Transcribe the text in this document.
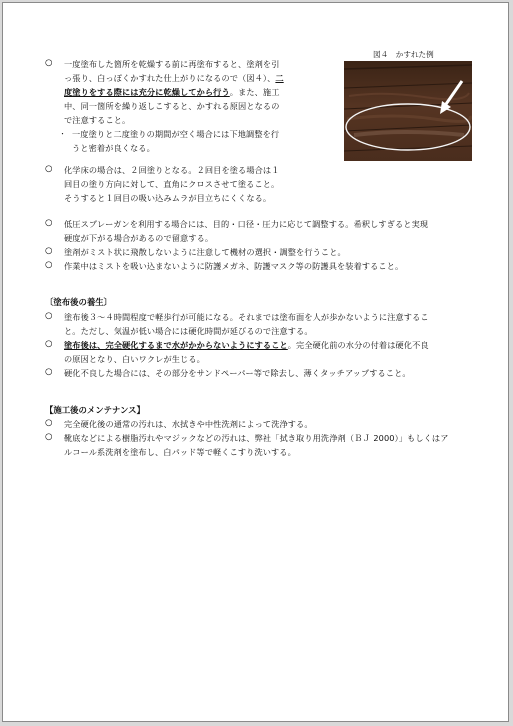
○ 一度塗布した箇所を乾燥する前に再塗布すると、塗剤を引
っ張り、白っぽくかすれた仕上がりになるので（図４）、二
度塗りをする際には充分に乾燥してから行う。また、施工
中、同一箇所を繰り返しこすると、かすれる原因となるの
で注意すること。
・ 一度塗りと二度塗りの期間が空く場合には下地調整を行
うと密着が良くなる。
図４　かすれた例
○ 化学床の場合は、２回塗りとなる。２回目を塗る場合は１
回目の塗り方向に対して、直角にクロスさせて塗ること。
そうすると１回目の吸い込みムラが目立ちにくくなる。
○ 低圧スプレーガンを利用する場合には、目的・口径・圧力に応じて調整する。希釈しすぎると実現
硬度が下がる場合があるので留意する。
○ 塗剤がミスト状に飛散しないように注意して機材の選択・調整を行うこと。
○ 作業中はミストを吸い込まないように防護メガネ、防護マスク等の防護具を装着すること。
〔塗布後の養生〕
○ 塗布後３～４時間程度で軽歩行が可能になる。それまでは塗布面を人が歩かないように注意するこ
と。ただし、気温が低い場合には硬化時間が延びるので注意する。
○ 塗布後は、完全硬化するまで水がかからないようにすること。完全硬化前の水分の付着は硬化不良
の原因となり、白いワクレが生じる。
○ 硬化不良した場合には、その部分をサンドペーパー等で除去し、薄くタッチアップすること。
【施工後のメンテナンス】
○ 完全硬化後の通常の汚れは、水拭きや中性洗剤によって洗浄する。
○ 靴底などによる樹脂汚れやマジックなどの汚れは、弊社「拭き取り用洗浄剤（ＢＪ 2000）」もしくはア
ルコール系洗剤を塗布し、白パッド等で軽くこすり洗いする。
